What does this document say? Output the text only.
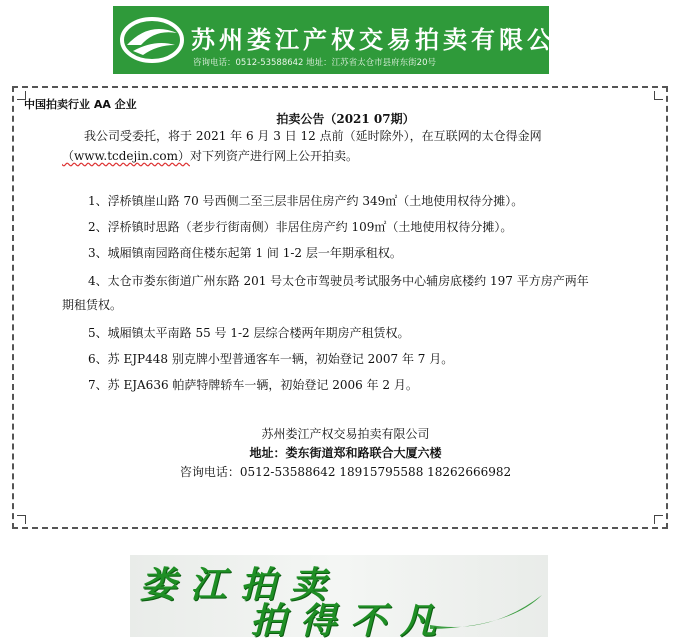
苏州娄江产权交易拍卖有限公司
咨询电话：0512-53588642 地址：江苏省太仓市县府东街20号
中国拍卖行业 AA 企业
拍卖公告（2021 07期）
我公司受委托，将于 2021 年 6 月 3 日 12 点前（延时除外），在互联网的太仓得金网
（www.tcdejin.com）对下列资产进行网上公开拍卖。
1、浮桥镇崖山路 70 号西侧二至三层非居住房产约 349㎡（土地使用权待分摊）。
2、浮桥镇时思路（老步行街南侧）非居住房产约 109㎡（土地使用权待分摊）。
3、城厢镇南园路商住楼东起第 1 间 1-2 层一年期承租权。
4、太仓市娄东街道广州东路 201 号太仓市驾驶员考试服务中心辅房底楼约 197 平方房产两年
期租赁权。
5、城厢镇太平南路 55 号 1-2 层综合楼两年期房产租赁权。
6、苏 EJP448 别克牌小型普通客车一辆，初始登记 2007 年 7 月。
7、苏 EJA636 帕萨特牌轿车一辆，初始登记 2006 年 2 月。
苏州娄江产权交易拍卖有限公司
地址：娄东街道郑和路联合大厦六楼
咨询电话：0512-53588642 18915795588 18262666982
娄江拍卖
拍得不凡
